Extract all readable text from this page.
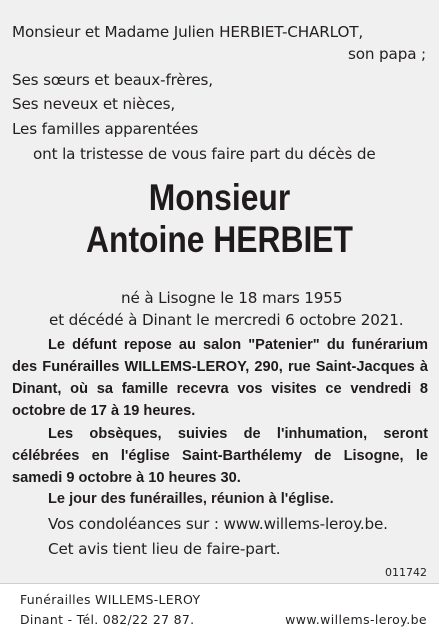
Monsieur et Madame Julien HERBIET-CHARLOT,
son papa ;
Ses sœurs et beaux-frères,
Ses neveux et nièces,
Les familles apparentées
ont la tristesse de vous faire part du décès de
Monsieur
Antoine HERBIET
né à Lisogne le 18 mars 1955
et décédé à Dinant le mercredi 6 octobre 2021.
Le défunt repose au salon "Patenier" du funérarium des Funérailles WILLEMS-LEROY, 290, rue Saint-Jacques à Dinant, où sa famille recevra vos visites ce vendredi 8 octobre de 17 à 19 heures.
Les obsèques, suivies de l'inhumation, seront célébrées en l'église Saint-Barthélemy de Lisogne, le samedi 9 octobre à 10 heures 30.
Le jour des funérailles, réunion à l'église.
Vos condoléances sur : www.willems-leroy.be.
Cet avis tient lieu de faire-part.
011742
Funérailles WILLEMS-LEROY
Dinant - Tél. 082/22 27 87.	www.willems-leroy.be
